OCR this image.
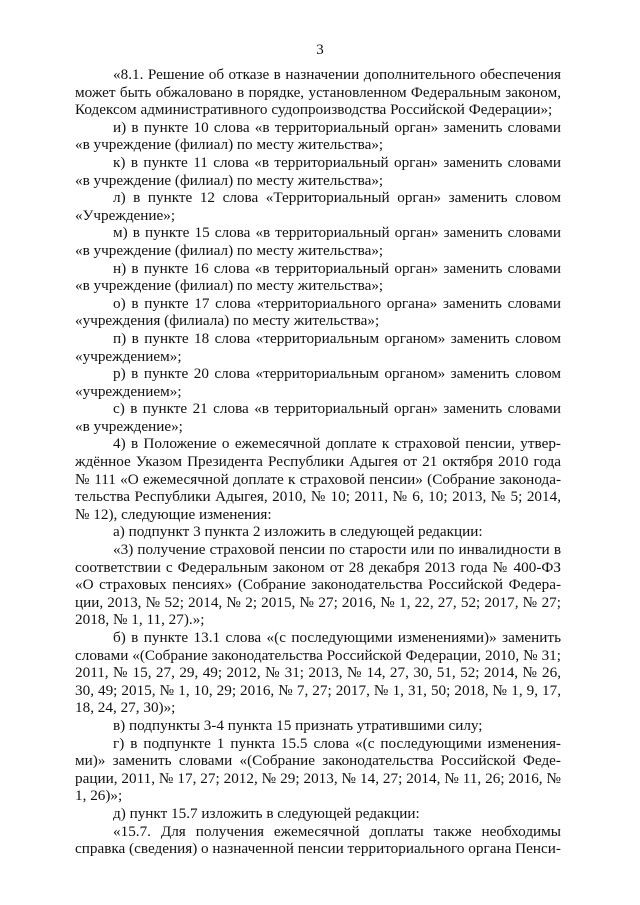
3

«8.1. Решение об отказе в назначении дополнительного обеспечения может быть обжаловано в порядке, установленном Федеральным законом, Кодексом административного судопроизводства Российской Федерации»;

и) в пункте 10 слова «в территориальный орган» заменить словами «в учреждение (филиал) по месту жительства»;

к) в пункте 11 слова «в территориальный орган» заменить словами «в учреждение (филиал) по месту жительства»;

л) в пункте 12 слова «Территориальный орган» заменить словом «Учреждение»;

м) в пункте 15 слова «в территориальный орган» заменить словами «в учреждение (филиал) по месту жительства»;

н) в пункте 16 слова «в территориальный орган» заменить словами «в учреждение (филиал) по месту жительства»;

о) в пункте 17 слова «территориального органа» заменить словами «учреждения (филиала) по месту жительства»;

п) в пункте 18 слова «территориальным органом» заменить словом «учреждением»;

р) в пункте 20 слова «территориальным органом» заменить словом «учреждением»;

с) в пункте 21 слова «в территориальный орган» заменить словами «в учреждение»;

4) в Положение о ежемесячной доплате к страховой пенсии, утвер-ждённое Указом Президента Республики Адыгея от 21 октября 2010 года № 111 «О ежемесячной доплате к страховой пенсии» (Собрание законода-тельства Республики Адыгея, 2010, № 10; 2011, № 6, 10; 2013, № 5; 2014, № 12), следующие изменения:

а) подпункт 3 пункта 2 изложить в следующей редакции:

«3) получение страховой пенсии по старости или по инвалидности в соответствии с Федеральным законом от 28 декабря 2013 года № 400-ФЗ «О страховых пенсиях» (Собрание законодательства Российской Федера-ции, 2013, № 52; 2014, № 2; 2015, № 27; 2016, № 1, 22, 27, 52; 2017, № 27; 2018, № 1, 11, 27).»;

б) в пункте 13.1 слова «(с последующими изменениями)» заменить словами «(Собрание законодательства Российской Федерации, 2010, № 31; 2011, № 15, 27, 29, 49; 2012, № 31; 2013, № 14, 27, 30, 51, 52; 2014, № 26, 30, 49; 2015, № 1, 10, 29; 2016, № 7, 27; 2017, № 1, 31, 50; 2018, № 1, 9, 17, 18, 24, 27, 30)»;

в) подпункты 3-4 пункта 15 признать утратившими силу;

г) в подпункте 1 пункта 15.5 слова «(с последующими изменения-ми)» заменить словами «(Собрание законодательства Российской Феде-рации, 2011, № 17, 27; 2012, № 29; 2013, № 14, 27; 2014, № 11, 26; 2016, № 1, 26)»;

д) пункт 15.7 изложить в следующей редакции:

«15.7. Для получения ежемесячной доплаты также необходимы справка (сведения) о назначенной пенсии территориального органа Пенси-
